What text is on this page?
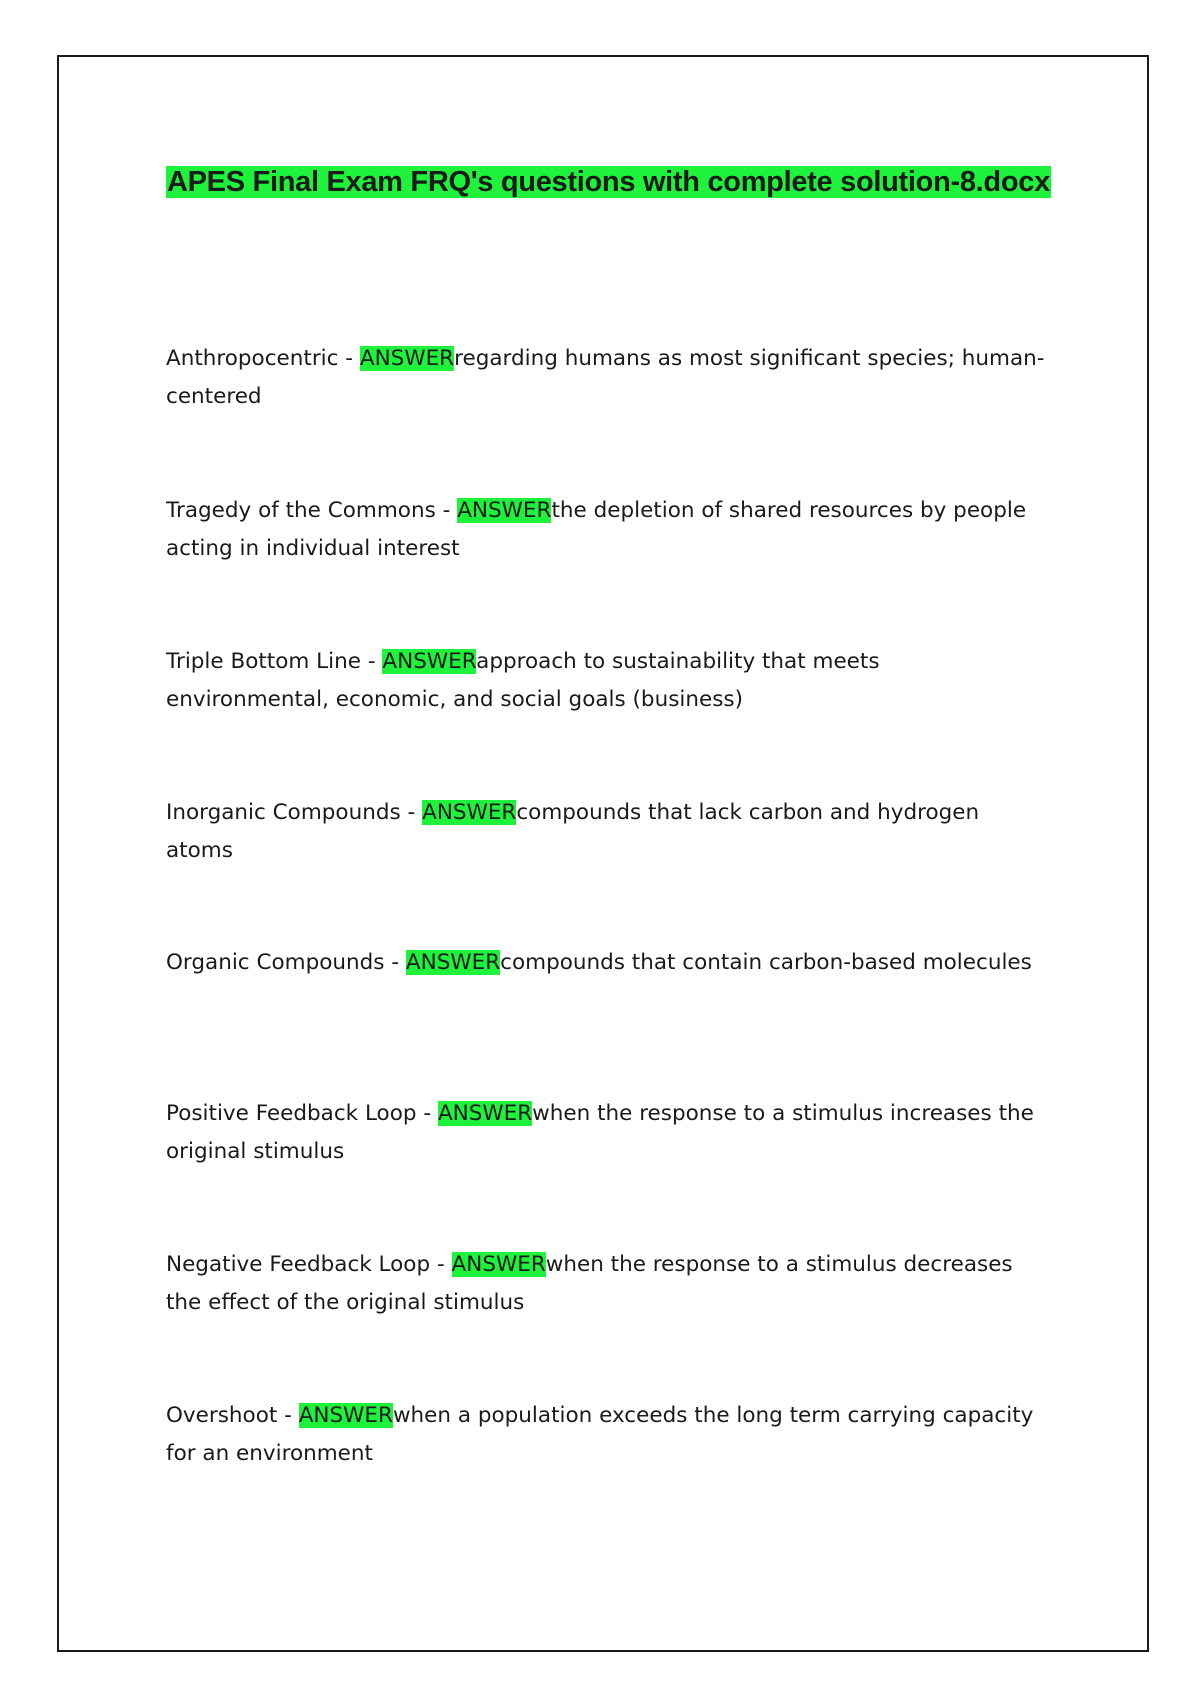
APES Final Exam FRQ's questions with complete solution-8.docx

Anthropocentric - ANSWERregarding humans as most significant species; human-centered

Tragedy of the Commons - ANSWERthe depletion of shared resources by people acting in individual interest

Triple Bottom Line - ANSWERapproach to sustainability that meets environmental, economic, and social goals (business)

Inorganic Compounds - ANSWERcompounds that lack carbon and hydrogen atoms

Organic Compounds - ANSWERcompounds that contain carbon-based molecules

Positive Feedback Loop - ANSWERwhen the response to a stimulus increases the original stimulus

Negative Feedback Loop - ANSWERwhen the response to a stimulus decreases the effect of the original stimulus

Overshoot - ANSWERwhen a population exceeds the long term carrying capacity for an environment
